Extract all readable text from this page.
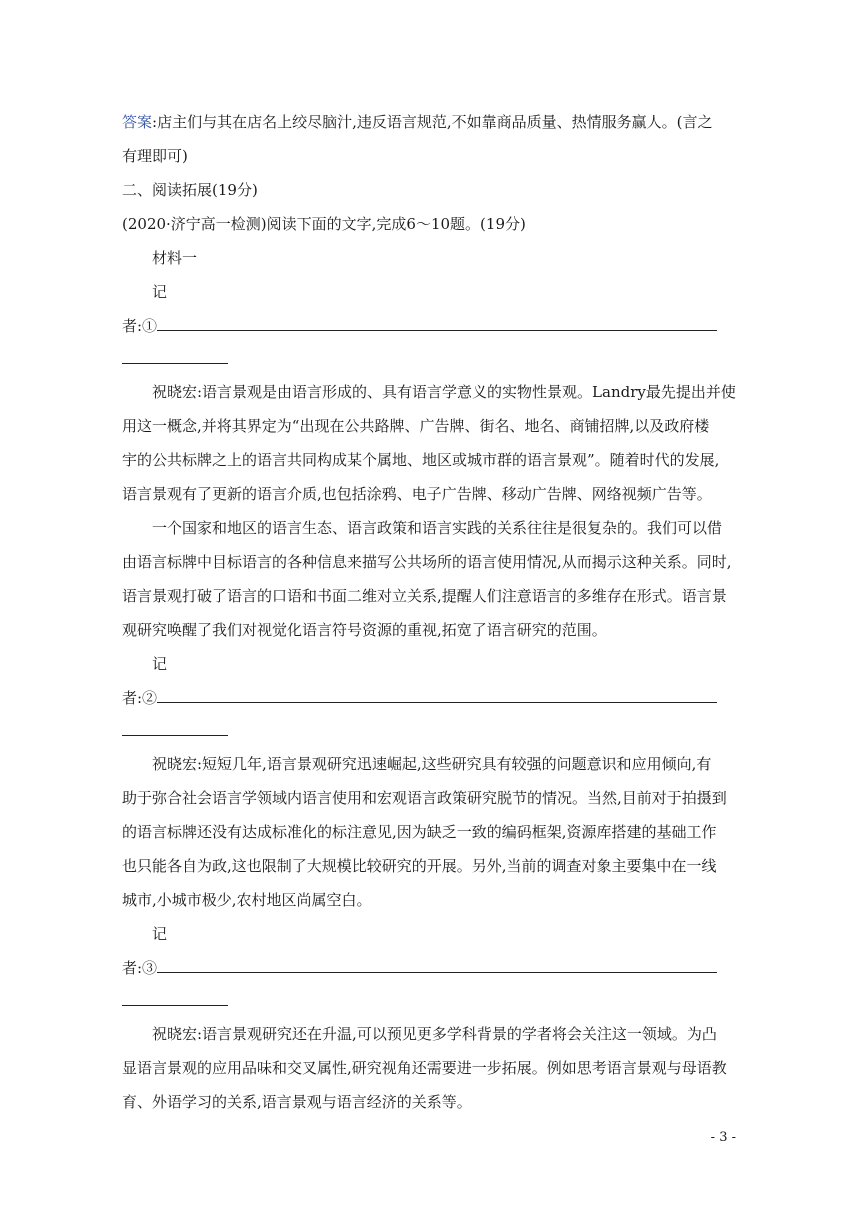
答案:店主们与其在店名上绞尽脑汁,违反语言规范,不如靠商品质量、热情服务赢人。(言之
有理即可)
二、阅读拓展(19分)
(2020·济宁高一检测)阅读下面的文字,完成6～10题。(19分)
材料一
记
者:①
祝晓宏:语言景观是由语言形成的、具有语言学意义的实物性景观。Landry最先提出并使
用这一概念,并将其界定为“出现在公共路牌、广告牌、街名、地名、商铺招牌,以及政府楼
宇的公共标牌之上的语言共同构成某个属地、地区或城市群的语言景观”。随着时代的发展,
语言景观有了更新的语言介质,也包括涂鸦、电子广告牌、移动广告牌、网络视频广告等。
一个国家和地区的语言生态、语言政策和语言实践的关系往往是很复杂的。我们可以借
由语言标牌中目标语言的各种信息来描写公共场所的语言使用情况,从而揭示这种关系。同时,
语言景观打破了语言的口语和书面二维对立关系,提醒人们注意语言的多维存在形式。语言景
观研究唤醒了我们对视觉化语言符号资源的重视,拓宽了语言研究的范围。
记
者:②
祝晓宏:短短几年,语言景观研究迅速崛起,这些研究具有较强的问题意识和应用倾向,有
助于弥合社会语言学领域内语言使用和宏观语言政策研究脱节的情况。当然,目前对于拍摄到
的语言标牌还没有达成标准化的标注意见,因为缺乏一致的编码框架,资源库搭建的基础工作
也只能各自为政,这也限制了大规模比较研究的开展。另外,当前的调查对象主要集中在一线
城市,小城市极少,农村地区尚属空白。
记
者:③
祝晓宏:语言景观研究还在升温,可以预见更多学科背景的学者将会关注这一领域。为凸
显语言景观的应用品味和交叉属性,研究视角还需要进一步拓展。例如思考语言景观与母语教
育、外语学习的关系,语言景观与语言经济的关系等。
- 3 -
